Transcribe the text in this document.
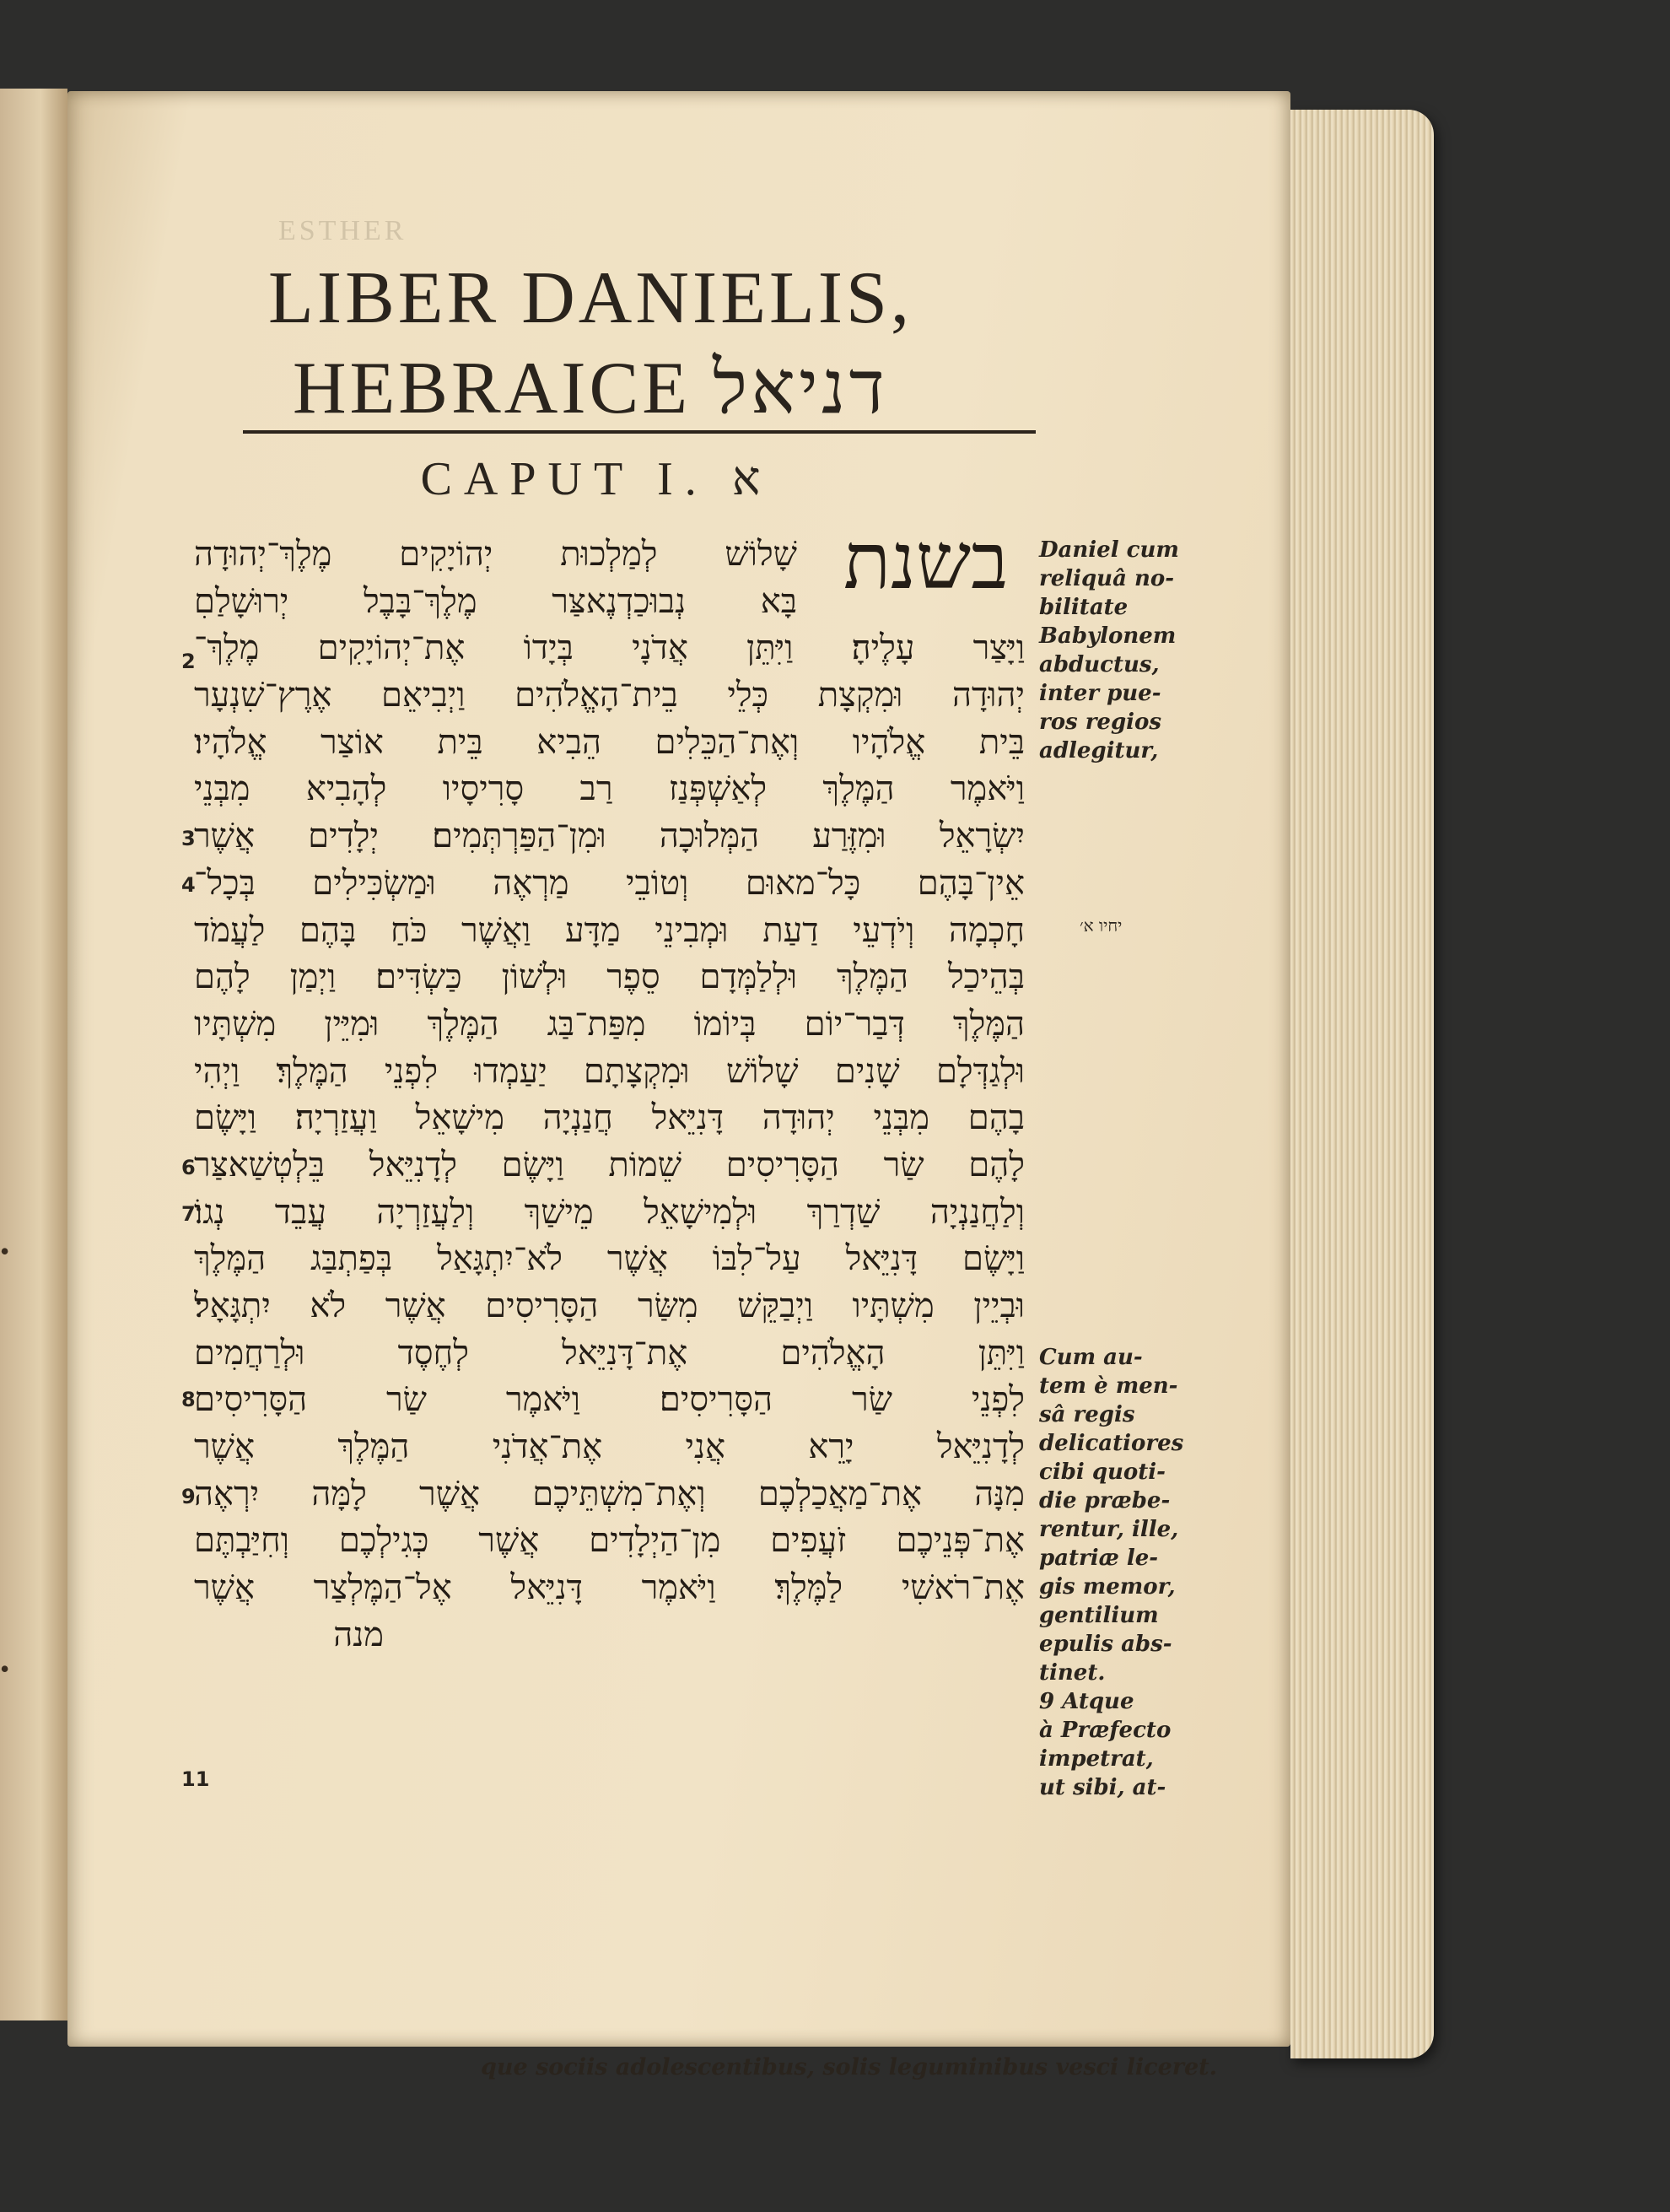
•
•
ESTHER
LIBER DANIELIS,
HEBRAICE דניאל
CAPUT I. א
בשנת
שָׁלוֹשׁ לְמַלְכוּת יְהוֹיָקִים מֶלֶךְ־יְהוּדָה
בָּא נְבוּכַדְנֶאצַּר מֶלֶךְ־בָּבֶל יְרוּשָׁלַםִ
וַיָּצַר עָלֶיהָ׃ וַיִּתֵּן אֲדֹנָי בְּיָדוֹ אֶת־יְהוֹיָקִים מֶלֶךְ־
יְהוּדָה וּמִקְצָת כְּלֵי בֵית־הָאֱלֹהִים וַיְבִיאֵם אֶרֶץ־שִׁנְעָר
בֵּית אֱלֹהָיו וְאֶת־הַכֵּלִים הֵבִיא בֵּית אוֹצַר אֱלֹהָיו׃
וַיֹּאמֶר הַמֶּלֶךְ לְאַשְׁפְּנַז רַב סָרִיסָיו לְהָבִיא מִבְּנֵי
יִשְׂרָאֵל וּמִזֶּרַע הַמְּלוּכָה וּמִן־הַפַּרְתְּמִים׃ יְלָדִים אֲשֶׁר
אֵין־בָּהֶם כָּל־מאוּם וְטוֹבֵי מַרְאֶה וּמַשְׂכִּילִים בְּכָל־
חָכְמָה וְיֹדְעֵי דַעַת וּמְבִינֵי מַדָּע וַאֲשֶׁר כֹּחַ בָּהֶם לַעֲמֹד
בְּהֵיכַל הַמֶּלֶךְ וּלְלַמְּדָם סֵפֶר וּלְשׁוֹן כַּשְׂדִּים׃ וַיְמַן לָהֶם
הַמֶּלֶךְ דְּבַר־יוֹם בְּיוֹמוֹ מִפַּת־בַּג הַמֶּלֶךְ וּמִיֵּין מִשְׁתָּיו
וּלְגַדְּלָם שָׁנִים שָׁלוֹשׁ וּמִקְצָתָם יַעַמְדוּ לִפְנֵי הַמֶּלֶךְ׃ וַיְהִי
בָהֶם מִבְּנֵי יְהוּדָה דָּנִיֵּאל חֲנַנְיָה מִישָׁאֵל וַעֲזַרְיָה׃ וַיָּשֶׂם
לָהֶם שַׂר הַסָּרִיסִים שֵׁמוֹת וַיָּשֶׂם לְדָנִיֵּאל בֵּלְטְשַׁאצַּר
וְלַחֲנַנְיָה שַׁדְרַךְ וּלְמִישָׁאֵל מֵישַׁךְ וְלַעֲזַרְיָה עֲבֵד נְגוֹ׃
וַיָּשֶׂם דָּנִיֵּאל עַל־לִבּוֹ אֲשֶׁר לֹא־יִתְגָּאַל בְּפַתְבַּג הַמֶּלֶךְ
וּבְיֵין מִשְׁתָּיו וַיְבַקֵּשׁ מִשַּׂר הַסָּרִיסִים אֲשֶׁר לֹא יִתְגָּאָל׃
וַיִּתֵּן הָאֱלֹהִים אֶת־דָּנִיֵּאל לְחֶסֶד וּלְרַחֲמִים
לִפְנֵי שַׂר הַסָּרִיסִים׃ וַיֹּאמֶר שַׂר הַסָּרִיסִים
לְדָנִיֵּאל יָרֵא אֲנִי אֶת־אֲדֹנִי הַמֶּלֶךְ אֲשֶׁר
מִנָּה אֶת־מַאֲכַלְכֶם וְאֶת־מִשְׁתֵּיכֶם אֲשֶׁר לָמָּה יִרְאֶה
אֶת־פְּנֵיכֶם זֹעֲפִים מִן־הַיְלָדִים אֲשֶׁר כְּגִילְכֶם וְחִיַּבְתֶּם
אֶת־רֹאשִׁי לַמֶּלֶךְ׃ וַיֹּאמֶר דָּנִיֵּאל אֶל־הַמֶּלְצַר אֲשֶׁר
מנה
2
3
4
6
7
8
9
11
יחיו א׳
Daniel cum
reliquâ no-
bilitate
Babylonem
abductus,
inter pue-
ros regios
adlegitur,
Cum au-
tem è men-
sâ regis
delicatiores
cibi quoti-
die præbe-
rentur, ille,
patriæ le-
gis memor,
gentilium
epulis abs-
tinet.
9 Atque
à Præfecto
impetrat,
ut sibi, at-
que sociis adolescentibus, solis leguminibus vesci liceret.
